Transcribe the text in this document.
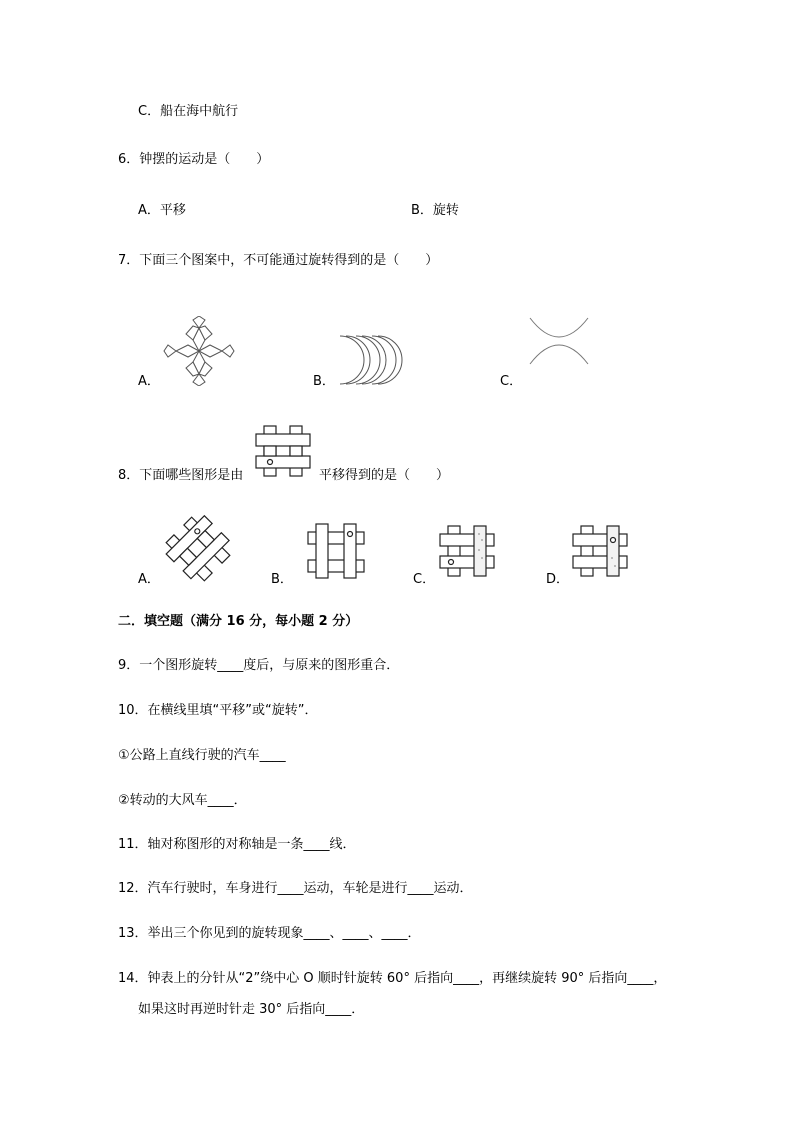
C．船在海中航行
6．钟摆的运动是（　　）
A．平移	B．旋转
7．下面三个图案中，不可能通过旋转得到的是（　　）
A．	B．	C．
8．下面哪些图形是由	平移得到的是（　　）
A．	B．	C．	D．
二．填空题（满分 16 分，每小题 2 分）
9．一个图形旋转____度后，与原来的图形重合．
10．在横线里填“平移”或“旋转”．
①公路上直线行驶的汽车____
②转动的大风车____．
11．轴对称图形的对称轴是一条____线．
12．汽车行驶时，车身进行____运动，车轮是进行____运动．
13．举出三个你见到的旋转现象____、____、____．
14．钟表上的分针从“2”绕中心 O 顺时针旋转 60° 后指向____，再继续旋转 90° 后指向____，
如果这时再逆时针走 30° 后指向____．
